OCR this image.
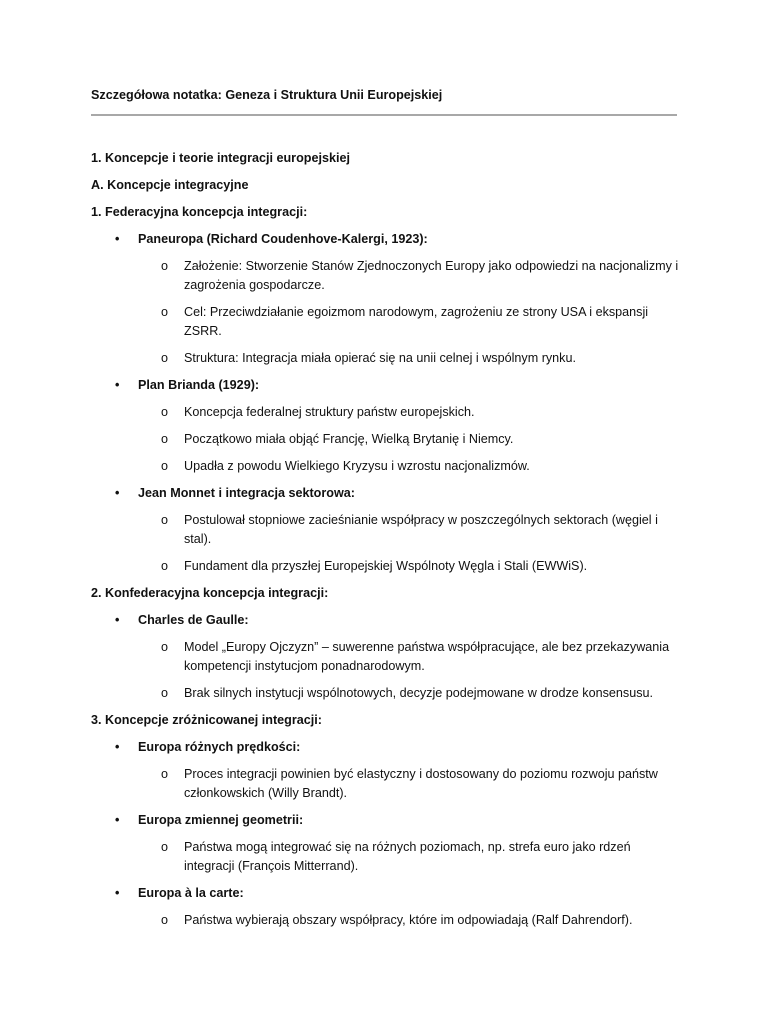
Szczegółowa notatka: Geneza i Struktura Unii Europejskiej

1. Koncepcje i teorie integracji europejskiej

A. Koncepcje integracyjne

1. Federacyjna koncepcja integracji:

• Paneuropa (Richard Coudenhove-Kalergi, 1923):
o Założenie: Stworzenie Stanów Zjednoczonych Europy jako odpowiedzi na nacjonalizmy i zagrożenia gospodarcze.
o Cel: Przeciwdziałanie egoizmom narodowym, zagrożeniu ze strony USA i ekspansji ZSRR.
o Struktura: Integracja miała opierać się na unii celnej i wspólnym rynku.
• Plan Brianda (1929):
o Koncepcja federalnej struktury państw europejskich.
o Początkowo miała objąć Francję, Wielką Brytanię i Niemcy.
o Upadła z powodu Wielkiego Kryzysu i wzrostu nacjonalizmów.
• Jean Monnet i integracja sektorowa:
o Postulował stopniowe zacieśnianie współpracy w poszczególnych sektorach (węgiel i stal).
o Fundament dla przyszłej Europejskiej Wspólnoty Węgla i Stali (EWWiS).

2. Konfederacyjna koncepcja integracji:

• Charles de Gaulle:
o Model „Europy Ojczyzn” – suwerenne państwa współpracujące, ale bez przekazywania kompetencji instytucjom ponadnarodowym.
o Brak silnych instytucji wspólnotowych, decyzje podejmowane w drodze konsensusu.

3. Koncepcje zróżnicowanej integracji:

• Europa różnych prędkości:
o Proces integracji powinien być elastyczny i dostosowany do poziomu rozwoju państw członkowskich (Willy Brandt).
• Europa zmiennej geometrii:
o Państwa mogą integrować się na różnych poziomach, np. strefa euro jako rdzeń integracji (François Mitterrand).
• Europa à la carte:
o Państwa wybierają obszary współpracy, które im odpowiadają (Ralf Dahrendorf).
